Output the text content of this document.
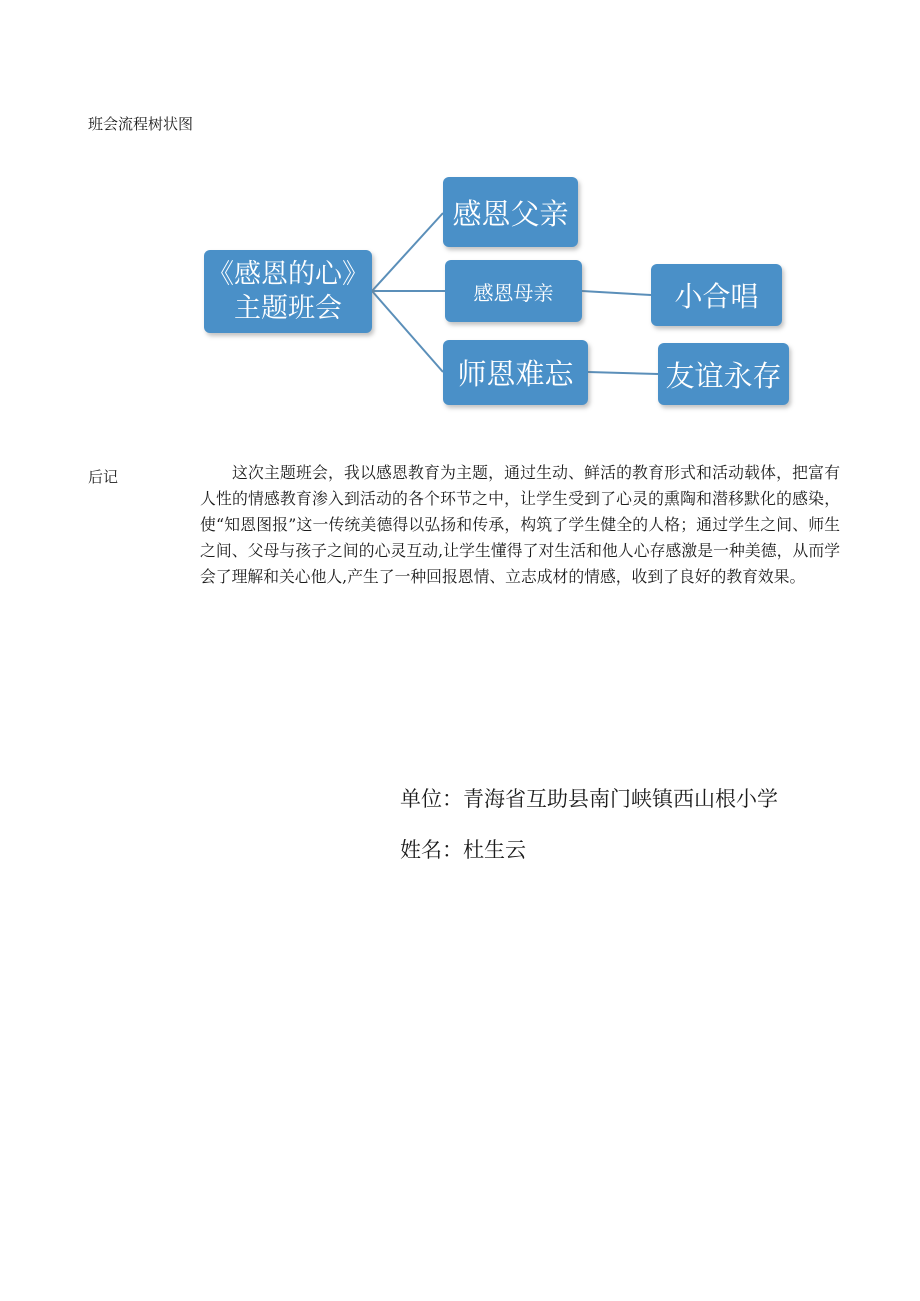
班会流程树状图
《感恩的心》
主题班会
感恩父亲
感恩母亲
师恩难忘
小合唱
友谊永存
后记	这次主题班会，我以感恩教育为主题，通过生动、鲜活的教育形式和活动载体，把富有人性的情感教育渗入到活动的各个环节之中，让学生受到了心灵的熏陶和潜移默化的感染，使“知恩图报”这一传统美德得以弘扬和传承，构筑了学生健全的人格；通过学生之间、师生之间、父母与孩子之间的心灵互动,让学生懂得了对生活和他人心存感激是一种美德，从而学会了理解和关心他人,产生了一种回报恩情、立志成材的情感，收到了良好的教育效果。

单位：青海省互助县南门峡镇西山根小学
姓名：杜生云
